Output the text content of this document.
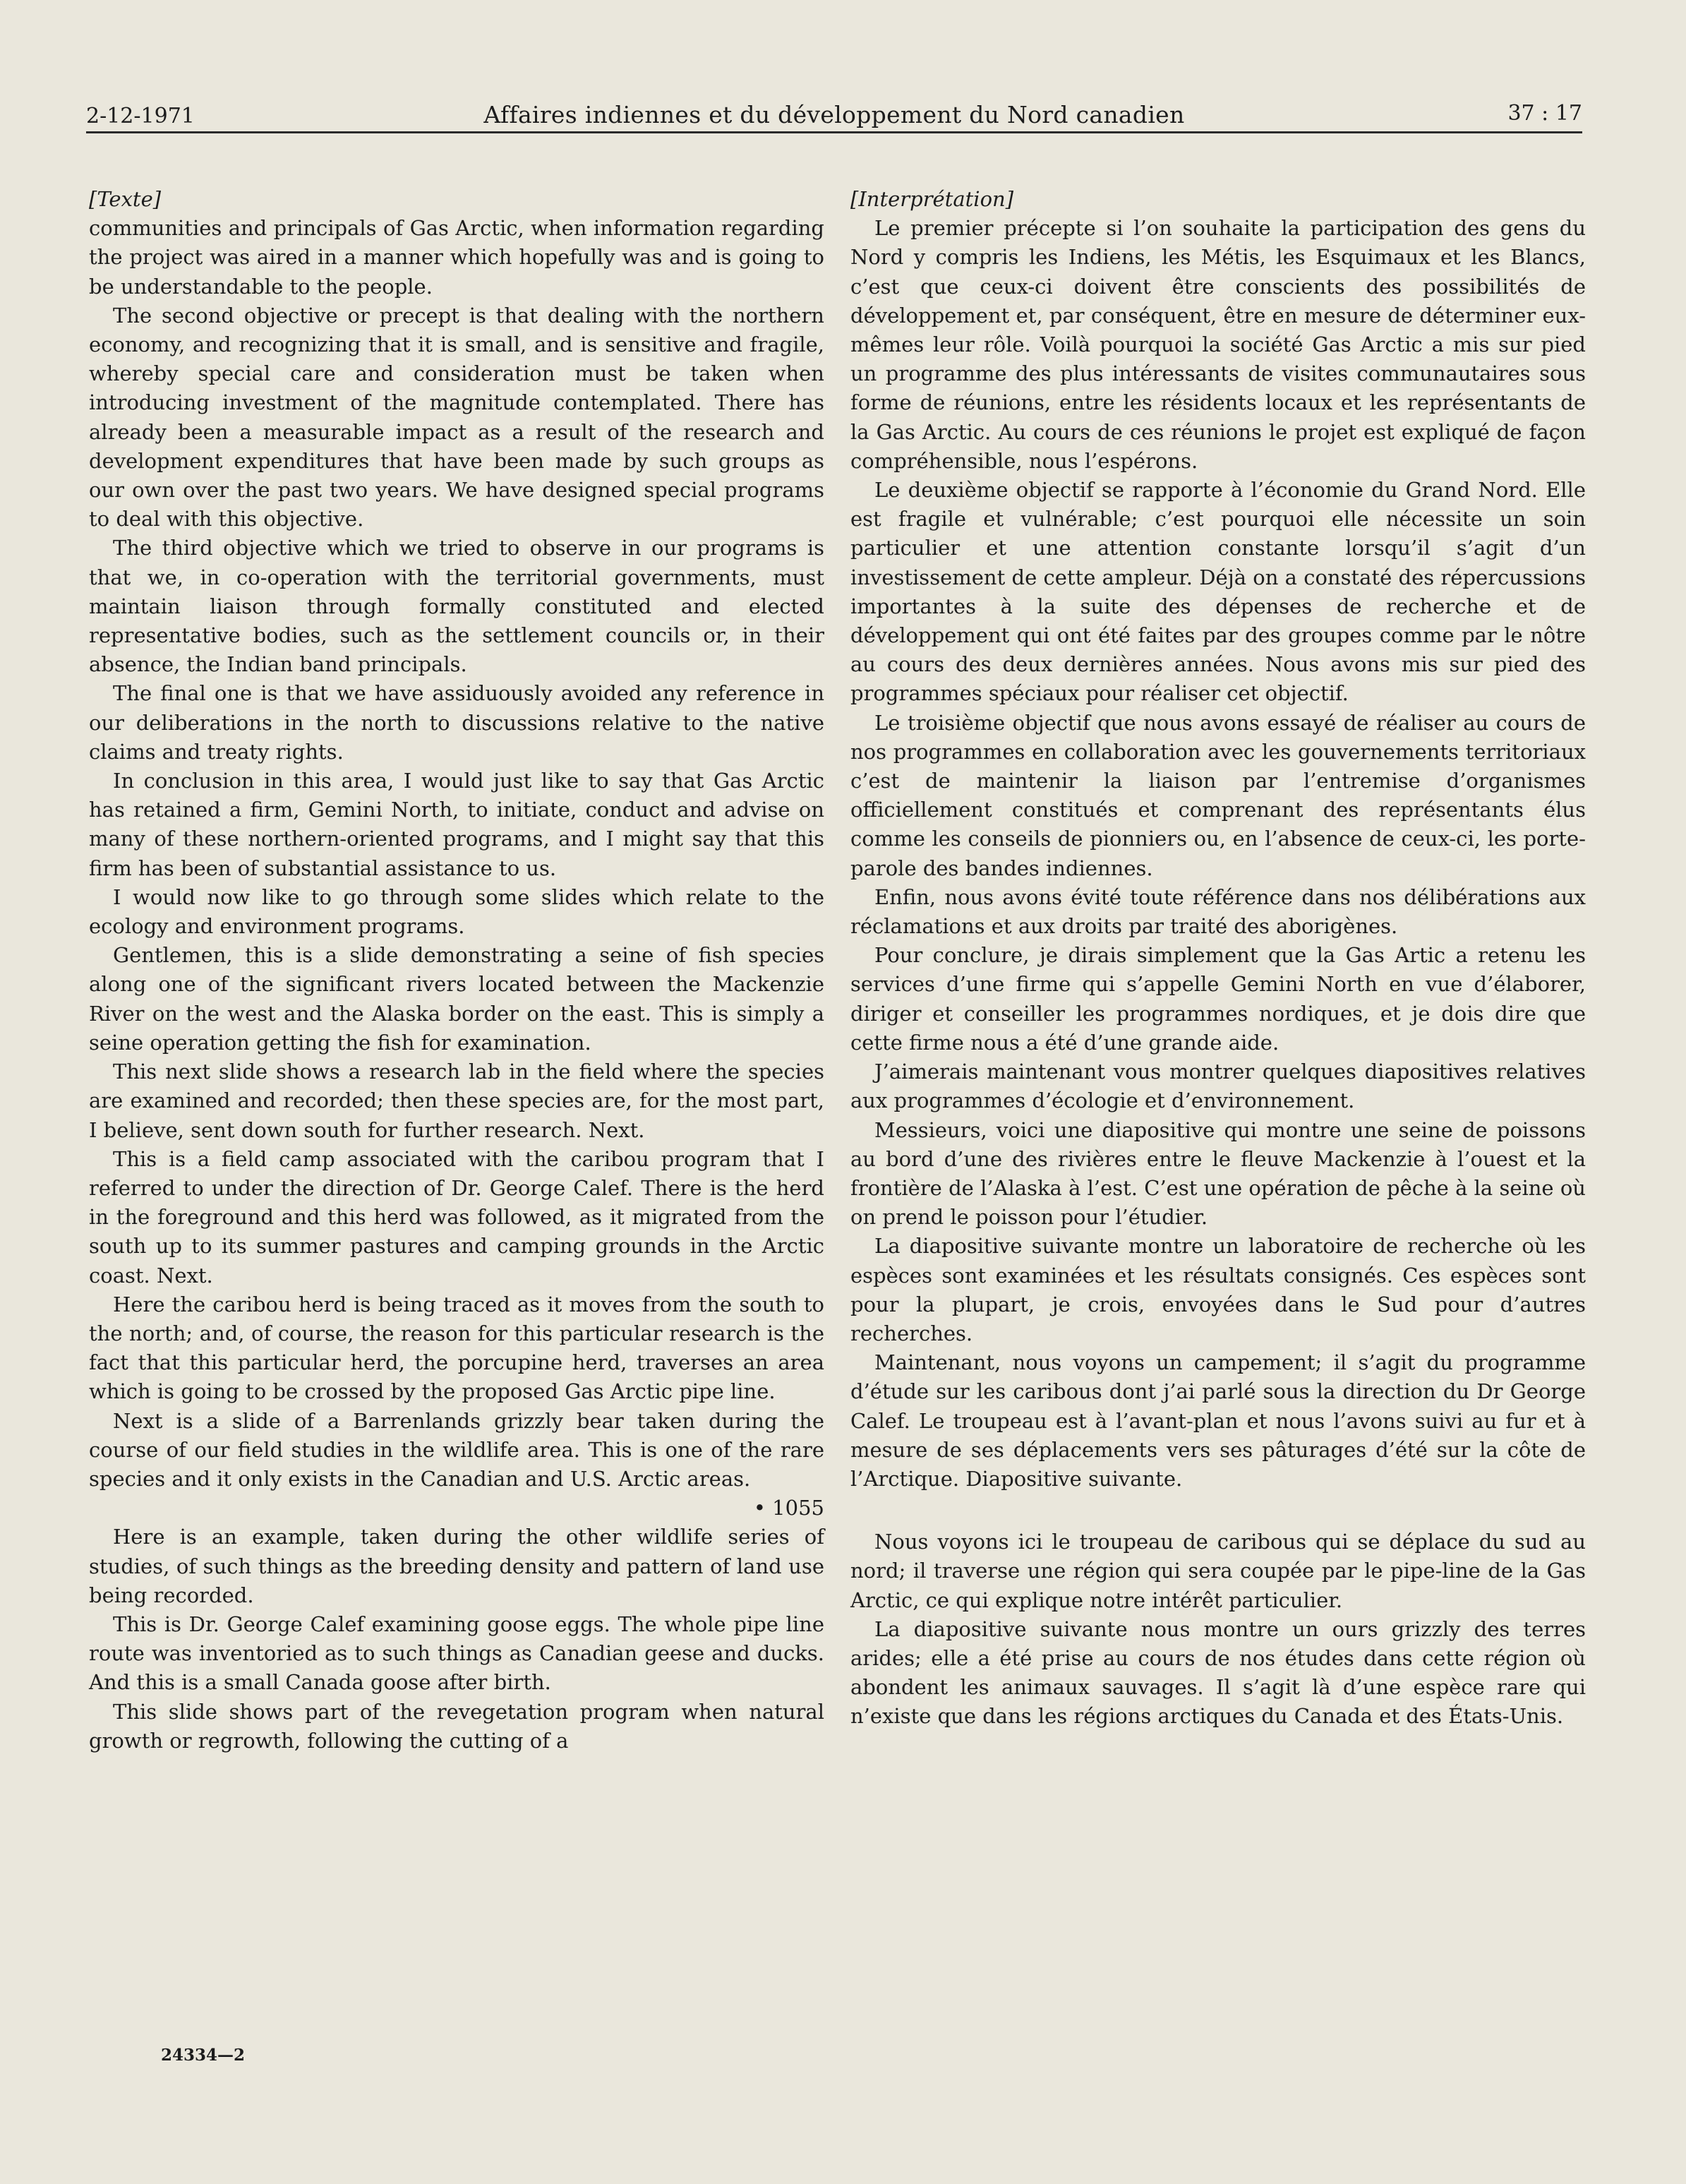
2-12-1971	Affaires indiennes et du développement du Nord canadien	37 : 17

[Texte]

communities and principals of Gas Arctic, when information regarding the project was aired in a manner which hopefully was and is going to be understandable to the people.

The second objective or precept is that dealing with the northern economy, and recognizing that it is small, and is sensitive and fragile, whereby special care and consideration must be taken when introducing investment of the magnitude contemplated. There has already been a measurable impact as a result of the research and development expenditures that have been made by such groups as our own over the past two years. We have designed special programs to deal with this objective.

The third objective which we tried to observe in our programs is that we, in co-operation with the territorial governments, must maintain liaison through formally constituted and elected representative bodies, such as the settlement councils or, in their absence, the Indian band principals.

The final one is that we have assiduously avoided any reference in our deliberations in the north to discussions relative to the native claims and treaty rights.

In conclusion in this area, I would just like to say that Gas Arctic has retained a firm, Gemini North, to initiate, conduct and advise on many of these northern-oriented programs, and I might say that this firm has been of substantial assistance to us.

I would now like to go through some slides which relate to the ecology and environment programs.

Gentlemen, this is a slide demonstrating a seine of fish species along one of the significant rivers located between the Mackenzie River on the west and the Alaska border on the east. This is simply a seine operation getting the fish for examination.

This next slide shows a research lab in the field where the species are examined and recorded; then these species are, for the most part, I believe, sent down south for further research. Next.

This is a field camp associated with the caribou program that I referred to under the direction of Dr. George Calef. There is the herd in the foreground and this herd was followed, as it migrated from the south up to its summer pastures and camping grounds in the Arctic coast. Next.

Here the caribou herd is being traced as it moves from the south to the north; and, of course, the reason for this particular research is the fact that this particular herd, the porcupine herd, traverses an area which is going to be crossed by the proposed Gas Arctic pipe line.

Next is a slide of a Barrenlands grizzly bear taken during the course of our field studies in the wildlife area. This is one of the rare species and it only exists in the Canadian and U.S. Arctic areas.

• 1055

Here is an example, taken during the other wildlife series of studies, of such things as the breeding density and pattern of land use being recorded.

This is Dr. George Calef examining goose eggs. The whole pipe line route was inventoried as to such things as Canadian geese and ducks. And this is a small Canada goose after birth.

This slide shows part of the revegetation program when natural growth or regrowth, following the cutting of a

[Interprétation]

Le premier précepte si l’on souhaite la participation des gens du Nord y compris les Indiens, les Métis, les Esquimaux et les Blancs, c’est que ceux-ci doivent être conscients des possibilités de développement et, par conséquent, être en mesure de déterminer eux-mêmes leur rôle. Voilà pourquoi la société Gas Arctic a mis sur pied un programme des plus intéressants de visites communautaires sous forme de réunions, entre les résidents locaux et les représentants de la Gas Arctic. Au cours de ces réunions le projet est expliqué de façon compréhensible, nous l’espérons.

Le deuxième objectif se rapporte à l’économie du Grand Nord. Elle est fragile et vulnérable; c’est pourquoi elle nécessite un soin particulier et une attention constante lorsqu’il s’agit d’un investissement de cette ampleur. Déjà on a constaté des répercussions importantes à la suite des dépenses de recherche et de développement qui ont été faites par des groupes comme par le nôtre au cours des deux dernières années. Nous avons mis sur pied des programmes spéciaux pour réaliser cet objectif.

Le troisième objectif que nous avons essayé de réaliser au cours de nos programmes en collaboration avec les gouvernements territoriaux c’est de maintenir la liaison par l’entremise d’organismes officiellement constitués et comprenant des représentants élus comme les conseils de pionniers ou, en l’absence de ceux-ci, les porte-parole des bandes indiennes.

Enfin, nous avons évité toute référence dans nos délibérations aux réclamations et aux droits par traité des aborigènes.

Pour conclure, je dirais simplement que la Gas Artic a retenu les services d’une firme qui s’appelle Gemini North en vue d’élaborer, diriger et conseiller les programmes nordiques, et je dois dire que cette firme nous a été d’une grande aide.

J’aimerais maintenant vous montrer quelques diapositives relatives aux programmes d’écologie et d’environnement.

Messieurs, voici une diapositive qui montre une seine de poissons au bord d’une des rivières entre le fleuve Mackenzie à l’ouest et la frontière de l’Alaska à l’est. C’est une opération de pêche à la seine où on prend le poisson pour l’étudier.

La diapositive suivante montre un laboratoire de recherche où les espèces sont examinées et les résultats consignés. Ces espèces sont pour la plupart, je crois, envoyées dans le Sud pour d’autres recherches.

Maintenant, nous voyons un campement; il s’agit du programme d’étude sur les caribous dont j’ai parlé sous la direction du Dr George Calef. Le troupeau est à l’avant-plan et nous l’avons suivi au fur et à mesure de ses déplacements vers ses pâturages d’été sur la côte de l’Arctique. Diapositive suivante.

Nous voyons ici le troupeau de caribous qui se déplace du sud au nord; il traverse une région qui sera coupée par le pipe-line de la Gas Arctic, ce qui explique notre intérêt particulier.

La diapositive suivante nous montre un ours grizzly des terres arides; elle a été prise au cours de nos études dans cette région où abondent les animaux sauvages. Il s’agit là d’une espèce rare qui n’existe que dans les régions arctiques du Canada et des États-Unis.

24334—2
